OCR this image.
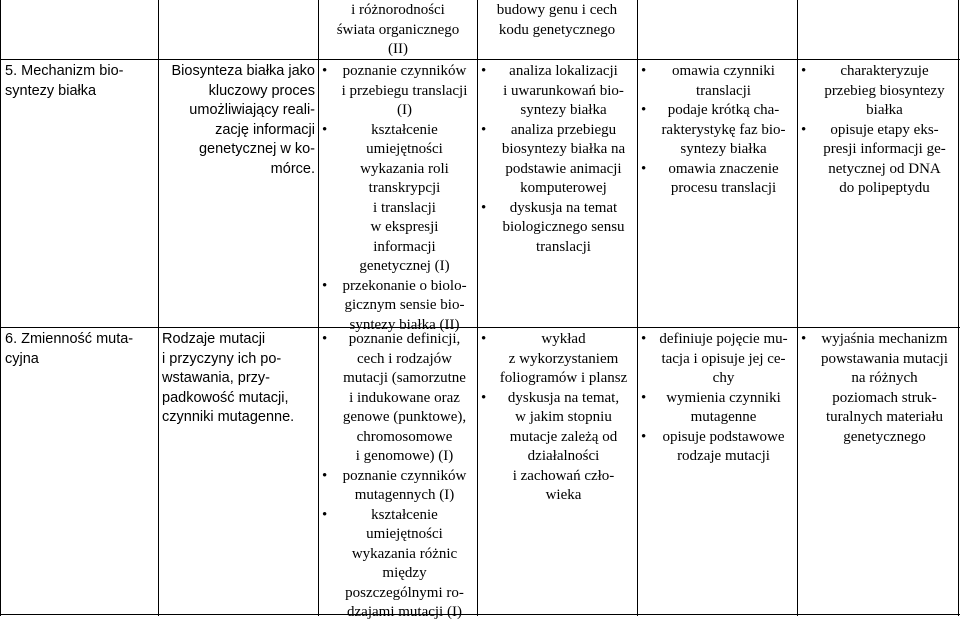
i różnorodności

świata organicznego

(II)

budowy genu i cech

kodu genetycznego

5. Mechanizm bio-

syntezy białka

Biosynteza białka jako

kluczowy proces

umożliwiający reali-

zację informacji

genetycznej w ko-

mórce.

• poznanie czynników

i przebiegu translacji

(I)

• kształcenie

umiejętności

wykazania roli

transkrypcji

i translacji

w ekspresji

informacji

genetycznej (I)

• przekonanie o biolo-

gicznym sensie bio-

syntezy białka (II)

• analiza lokalizacji

i uwarunkowań bio-

syntezy białka

• analiza przebiegu

biosyntezy białka na

podstawie animacji

komputerowej

• dyskusja na temat

biologicznego sensu

translacji

• omawia czynniki

translacji

• podaje krótką cha-

rakterystykę faz bio-

syntezy białka

• omawia znaczenie

procesu translacji

• charakteryzuje

przebieg biosyntezy

białka

• opisuje etapy eks-

presji informacji ge-

netycznej od DNA

do polipeptydu

6. Zmienność muta-

cyjna

Rodzaje mutacji

i przyczyny ich po-

wstawania, przy-

padkowość mutacji,

czynniki mutagenne.

• poznanie definicji,

cech i rodzajów

mutacji (samorzutne

i indukowane oraz

genowe (punktowe),

chromosomowe

i genomowe) (I)

• poznanie czynników

mutagennych (I)

• kształcenie

umiejętności

wykazania różnic

między

poszczególnymi ro-

dzajami mutacji (I)

• wykład

z wykorzystaniem

foliogramów i plansz

• dyskusja na temat,

w jakim stopniu

mutacje zależą od

działalności

i zachowań czło-

wieka

• definiuje pojęcie mu-

tacja i opisuje jej ce-

chy

• wymienia czynniki

mutagenne

• opisuje podstawowe

rodzaje mutacji

• wyjaśnia mechanizm

powstawania mutacji

na różnych

poziomach struk-

turalnych materiału

genetycznego
